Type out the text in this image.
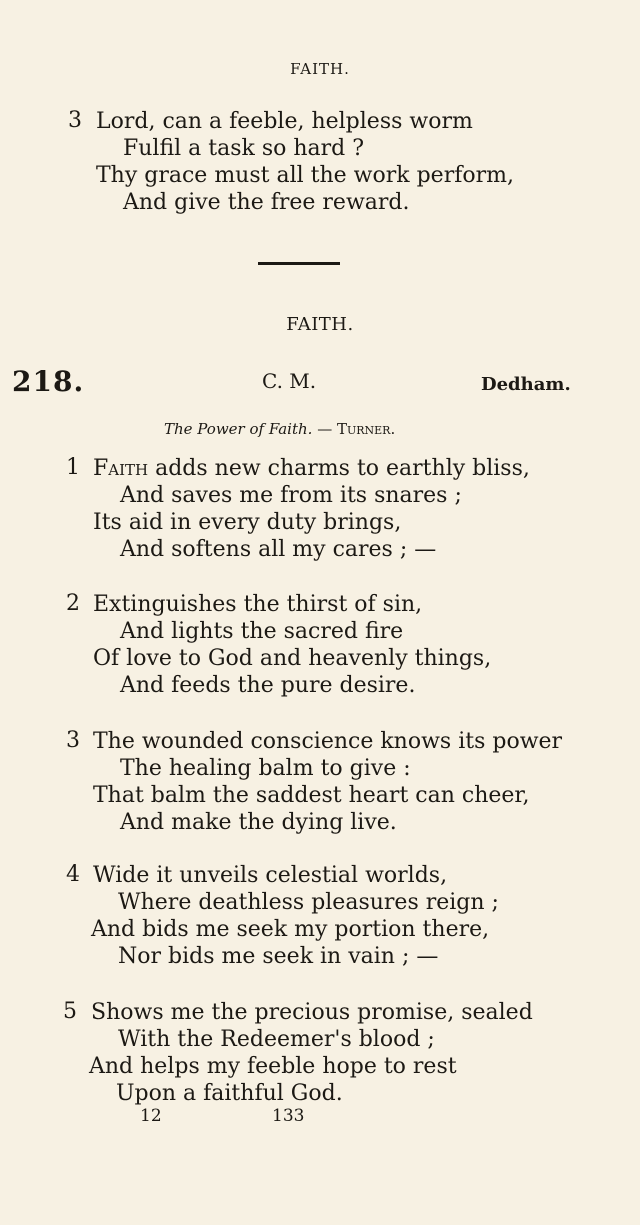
FAITH.
3 Lord, can a feeble, helpless worm
Fulfil a task so hard ?
Thy grace must all the work perform,
And give the free reward.
FAITH.
218.	C. M.	Dedham.
The Power of Faith. — Turner.
1 Faith adds new charms to earthly bliss,
And saves me from its snares ;
Its aid in every duty brings,
And softens all my cares ; —
2 Extinguishes the thirst of sin,
And lights the sacred fire
Of love to God and heavenly things,
And feeds the pure desire.
3 The wounded conscience knows its power
The healing balm to give :
That balm the saddest heart can cheer,
And make the dying live.
4 Wide it unveils celestial worlds,
Where deathless pleasures reign ;
And bids me seek my portion there,
Nor bids me seek in vain ; —
5 Shows me the precious promise, sealed
With the Redeemer's blood ;
And helps my feeble hope to rest
Upon a faithful God.
12	133
